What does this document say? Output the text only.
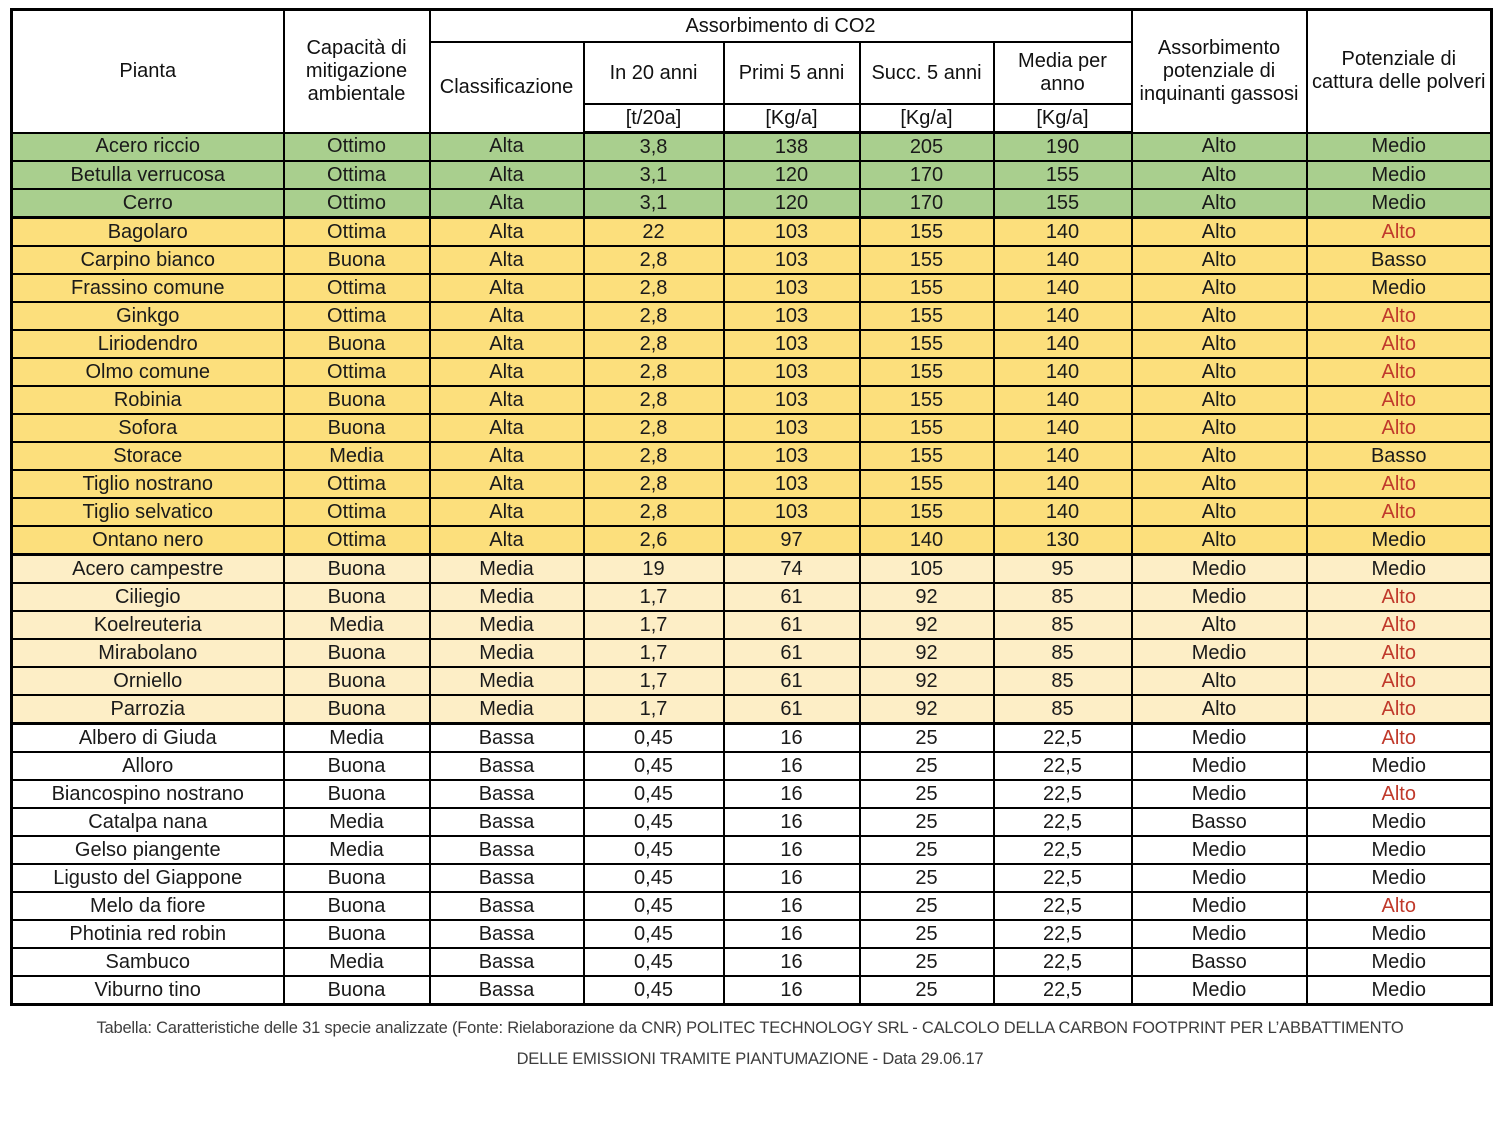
Pianta	Capacità di mitigazione ambientale	Assorbimento di CO2					Assorbimento potenziale di inquinanti gassosi	Potenziale di cattura delle polveri
		Classificazione	In 20 anni	Primi 5 anni	Succ. 5 anni	Media per anno		
			[t/20a]	[Kg/a]	[Kg/a]	[Kg/a]		
Acero riccio	Ottimo	Alta	3,8	138	205	190	Alto	Medio
Betulla verrucosa	Ottima	Alta	3,1	120	170	155	Alto	Medio
Cerro	Ottimo	Alta	3,1	120	170	155	Alto	Medio
Bagolaro	Ottima	Alta	22	103	155	140	Alto	Alto
Carpino bianco	Buona	Alta	2,8	103	155	140	Alto	Basso
Frassino comune	Ottima	Alta	2,8	103	155	140	Alto	Medio
Ginkgo	Ottima	Alta	2,8	103	155	140	Alto	Alto
Liriodendro	Buona	Alta	2,8	103	155	140	Alto	Alto
Olmo comune	Ottima	Alta	2,8	103	155	140	Alto	Alto
Robinia	Buona	Alta	2,8	103	155	140	Alto	Alto
Sofora	Buona	Alta	2,8	103	155	140	Alto	Alto
Storace	Media	Alta	2,8	103	155	140	Alto	Basso
Tiglio nostrano	Ottima	Alta	2,8	103	155	140	Alto	Alto
Tiglio selvatico	Ottima	Alta	2,8	103	155	140	Alto	Alto
Ontano nero	Ottima	Alta	2,6	97	140	130	Alto	Medio
Acero campestre	Buona	Media	19	74	105	95	Medio	Medio
Ciliegio	Buona	Media	1,7	61	92	85	Medio	Alto
Koelreuteria	Media	Media	1,7	61	92	85	Alto	Alto
Mirabolano	Buona	Media	1,7	61	92	85	Medio	Alto
Orniello	Buona	Media	1,7	61	92	85	Alto	Alto
Parrozia	Buona	Media	1,7	61	92	85	Alto	Alto
Albero di Giuda	Media	Bassa	0,45	16	25	22,5	Medio	Alto
Alloro	Buona	Bassa	0,45	16	25	22,5	Medio	Medio
Biancospino nostrano	Buona	Bassa	0,45	16	25	22,5	Medio	Alto
Catalpa nana	Media	Bassa	0,45	16	25	22,5	Basso	Medio
Gelso piangente	Media	Bassa	0,45	16	25	22,5	Medio	Medio
Ligusto del Giappone	Buona	Bassa	0,45	16	25	22,5	Medio	Medio
Melo da fiore	Buona	Bassa	0,45	16	25	22,5	Medio	Alto
Photinia red robin	Buona	Bassa	0,45	16	25	22,5	Medio	Medio
Sambuco	Media	Bassa	0,45	16	25	22,5	Basso	Medio
Viburno tino	Buona	Bassa	0,45	16	25	22,5	Medio	Medio
Tabella: Caratteristiche delle 31 specie analizzate (Fonte: Rielaborazione da CNR) POLITEC TECHNOLOGY SRL - CALCOLO DELLA CARBON FOOTPRINT PER L’ABBATTIMENTO
DELLE EMISSIONI TRAMITE PIANTUMAZIONE - Data 29.06.17
